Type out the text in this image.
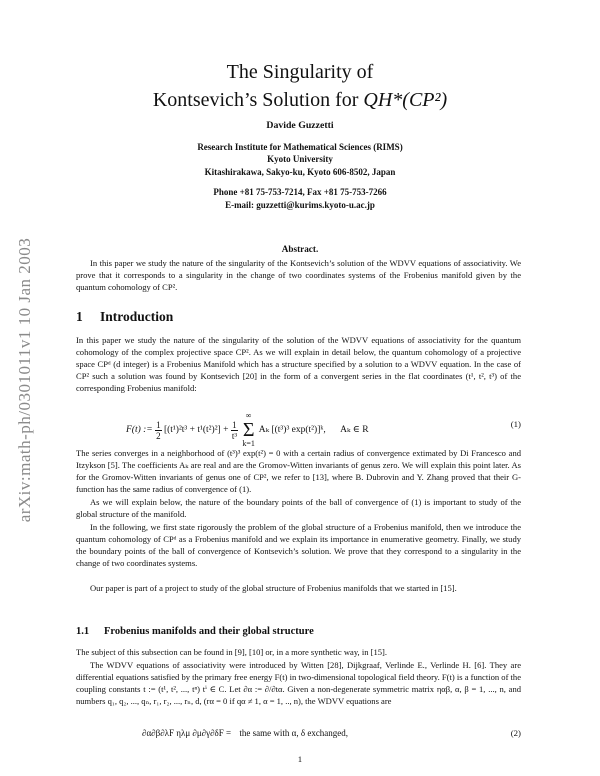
arXiv:math-ph/0301011v1 10 Jan 2003
The Singularity of
Kontsevich’s Solution for QH*(CP²)
Davide Guzzetti
Research Institute for Mathematical Sciences (RIMS)
Kyoto University
Kitashirakawa, Sakyo-ku, Kyoto 606-8502, Japan
Phone +81 75-753-7214, Fax +81 75-753-7266
E-mail: guzzetti@kurims.kyoto-u.ac.jp
Abstract.
In this paper we study the nature of the singularity of the Kontsevich’s solution of the WDVV equations of associativity. We prove that it corresponds to a singularity in the change of two coordinates systems of the Frobenius manifold given by the quantum cohomology of CP².
1 Introduction
In this paper we study the nature of the singularity of the solution of the WDVV equations of associativity for the quantum cohomology of the complex projective space CP². As we will explain in detail below, the quantum cohomology of a projective space CPᵈ (d integer) is a Frobenius Manifold which has a structure specified by a solution to a WDVV equation. In the case of CP² such a solution was found by Kontsevich [20] in the form of a convergent series in the flat coordinates (t¹, t², t³) of the corresponding Frobenius manifold:
F(t) := $\frac{1}{2} [(t^1)^2t^3 + t^1(t^2)^2] + \frac{1}{\text{t³}}$
∞
Σ
k=1 Aₖ [(t³)³ exp(t²)]ᵏ, Aₖ ∈ R
(1)
The series converges in a neighborhood of (t³)³ exp(t²) = 0 with a certain radius of convergence extimated by Di Francesco and Itzykson [5]. The coefficients Aₖ are real and are the Gromov-Witten invariants of genus zero. We will explain this point later. As for the Gromov-Witten invariants of genus one of CP², we refer to [13], where B. Dubrovin and Y. Zhang proved that their G-function has the same radius of convergence of (1).
As we will explain below, the nature of the boundary points of the ball of convergence of (1) is important to study of the global structure of the manifold.
In the following, we first state rigorously the problem of the global structure of a Frobenius manifold, then we introduce the quantum cohomology of CPᵈ as a Frobenius manifold and we explain its importance in enumerative geometry. Finally, we study the boundary points of the ball of convergence of Kontsevich’s solution. We prove that they correspond to a singularity in the change of two coordinates systems.
Our paper is part of a project to study of the global structure of Frobenius manifolds that we started in [15].
1.1 Frobenius manifolds and their global structure
The subject of this subsection can be found in [9], [10] or, in a more synthetic way, in [15].
The WDVV equations of associativity were introduced by Witten [28], Dijkgraaf, Verlinde E., Verlinde H. [6]. They are differential equations satisfied by the primary free energy F(t) in two-dimensional topological field theory. F(t) is a function of the coupling constants t := (t¹, t², ..., tⁿ) tⁱ ∈ C. Let ∂α := ∂/∂tα. Given a non-degenerate symmetric matrix ηαβ, α, β = 1, ..., n, and numbers q₁, q₂, ..., qₙ, r₁, r₂, ..., rₙ, d, (rα = 0 if qα ≠ 1, α = 1, .., n), the WDVV equations are
∂α∂β∂λF ηλμ ∂μ∂γ∂δF = the same with α, δ exchanged,	(2)
1
